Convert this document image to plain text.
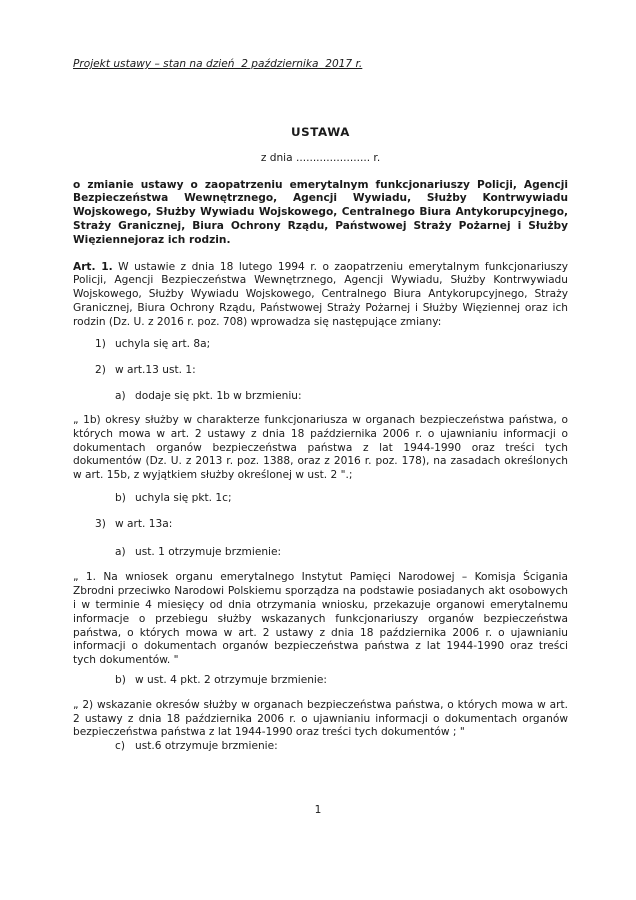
Projekt ustawy – stan na dzień  2 października  2017 r.
USTAWA
z dnia ...................... r.

o zmianie ustawy o zaopatrzeniu emerytalnym funkcjonariuszy Policji, Agencji Bezpieczeństwa Wewnętrznego, Agencji Wywiadu, Służby Kontrwywiadu Wojskowego, Służby Wywiadu Wojskowego, Centralnego Biura Antykorupcyjnego, Straży Granicznej, Biura Ochrony Rządu, Państwowej Straży Pożarnej i Służby Więziennejoraz ich rodzin.

Art. 1. W ustawie z dnia 18 lutego 1994 r. o zaopatrzeniu emerytalnym funkcjonariuszy Policji, Agencji Bezpieczeństwa Wewnętrznego, Agencji Wywiadu, Służby Kontrwywiadu Wojskowego, Służby Wywiadu Wojskowego, Centralnego Biura Antykorupcyjnego, Straży Granicznej, Biura Ochrony Rządu, Państwowej Straży Pożarnej i Służby Więziennej oraz ich rodzin (Dz. U. z 2016 r. poz. 708) wprowadza się następujące zmiany:

1) uchyla się art. 8a;
2) w art.13 ust. 1:
a) dodaje się pkt. 1b w brzmieniu:

„ 1b) okresy służby w charakterze funkcjonariusza w organach bezpieczeństwa państwa, o których mowa w art. 2 ustawy z dnia 18 października 2006 r. o ujawnianiu informacji o dokumentach organów bezpieczeństwa państwa z lat 1944-1990 oraz treści tych dokumentów (Dz. U. z 2013 r. poz. 1388, oraz z 2016 r. poz. 178), na zasadach określonych w art. 15b, z wyjątkiem służby określonej w ust. 2 ".;

b) uchyla się pkt. 1c;
3) w art. 13a:
a) ust. 1 otrzymuje brzmienie:

„ 1. Na wniosek organu emerytalnego Instytut Pamięci Narodowej – Komisja Ścigania Zbrodni przeciwko Narodowi Polskiemu sporządza na podstawie posiadanych akt osobowych i w terminie 4 miesięcy od dnia otrzymania wniosku, przekazuje organowi emerytalnemu informacje o przebiegu służby wskazanych funkcjonariuszy organów bezpieczeństwa państwa, o których mowa w art. 2 ustawy z dnia 18 października 2006 r. o ujawnianiu informacji o dokumentach organów bezpieczeństwa państwa z lat 1944-1990 oraz treści tych dokumentów. "

b) w ust. 4 pkt. 2 otrzymuje brzmienie:

„ 2) wskazanie okresów służby w organach bezpieczeństwa państwa, o których mowa w art. 2 ustawy z dnia 18 października 2006 r. o ujawnianiu informacji o dokumentach organów bezpieczeństwa państwa z lat 1944-1990 oraz treści tych dokumentów ; "

c) ust.6 otrzymuje brzmienie:
1
